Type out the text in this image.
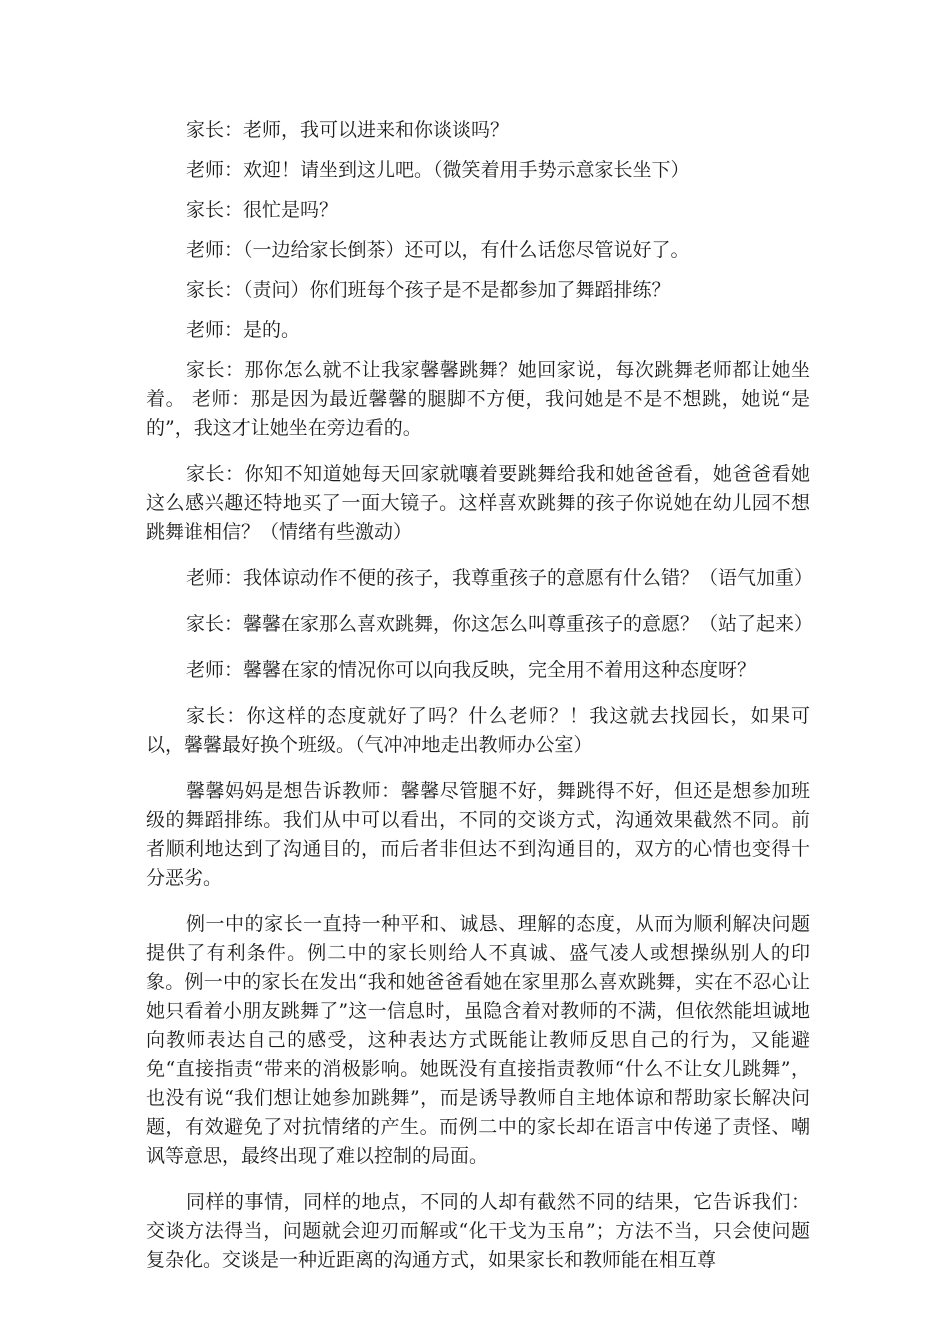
家长：老师，我可以进来和你谈谈吗？

老师：欢迎！请坐到这儿吧。（微笑着用手势示意家长坐下）

家长：很忙是吗？

老师：（一边给家长倒茶）还可以，有什么话您尽管说好了。

家长：（责问）你们班每个孩子是不是都参加了舞蹈排练？

老师：是的。

家长：那你怎么就不让我家馨馨跳舞？她回家说，每次跳舞老师都让她坐着。 老师：那是因为最近馨馨的腿脚不方便，我问她是不是不想跳，她说“是的”，我这才让她坐在旁边看的。

家长：你知不知道她每天回家就嚷着要跳舞给我和她爸爸看，她爸爸看她这么感兴趣还特地买了一面大镜子。这样喜欢跳舞的孩子你说她在幼儿园不想跳舞谁相信？（情绪有些激动）

老师：我体谅动作不便的孩子，我尊重孩子的意愿有什么错？（语气加重）

家长：馨馨在家那么喜欢跳舞，你这怎么叫尊重孩子的意愿？（站了起来）

老师：馨馨在家的情况你可以向我反映，完全用不着用这种态度呀？

家长：你这样的态度就好了吗？什么老师？！我这就去找园长，如果可以，馨馨最好换个班级。（气冲冲地走出教师办公室）

馨馨妈妈是想告诉教师：馨馨尽管腿不好，舞跳得不好，但还是想参加班级的舞蹈排练。我们从中可以看出，不同的交谈方式，沟通效果截然不同。前者顺利地达到了沟通目的，而后者非但达不到沟通目的，双方的心情也变得十分恶劣。

例一中的家长一直持一种平和、诚恳、理解的态度，从而为顺利解决问题提供了有利条件。例二中的家长则给人不真诚、盛气凌人或想操纵别人的印象。例一中的家长在发出“我和她爸爸看她在家里那么喜欢跳舞，实在不忍心让她只看着小朋友跳舞了”这一信息时，虽隐含着对教师的不满，但依然能坦诚地向教师表达自己的感受，这种表达方式既能让教师反思自己的行为，又能避免“直接指责“带来的消极影响。她既没有直接指责教师“什么不让女儿跳舞”，也没有说“我们想让她参加跳舞”，而是诱导教师自主地体谅和帮助家长解决问题，有效避免了对抗情绪的产生。而例二中的家长却在语言中传递了责怪、嘲讽等意思，最终出现了难以控制的局面。

同样的事情，同样的地点，不同的人却有截然不同的结果，它告诉我们：交谈方法得当，问题就会迎刃而解或“化干戈为玉帛”；方法不当，只会使问题复杂化。交谈是一种近距离的沟通方式，如果家长和教师能在相互尊
